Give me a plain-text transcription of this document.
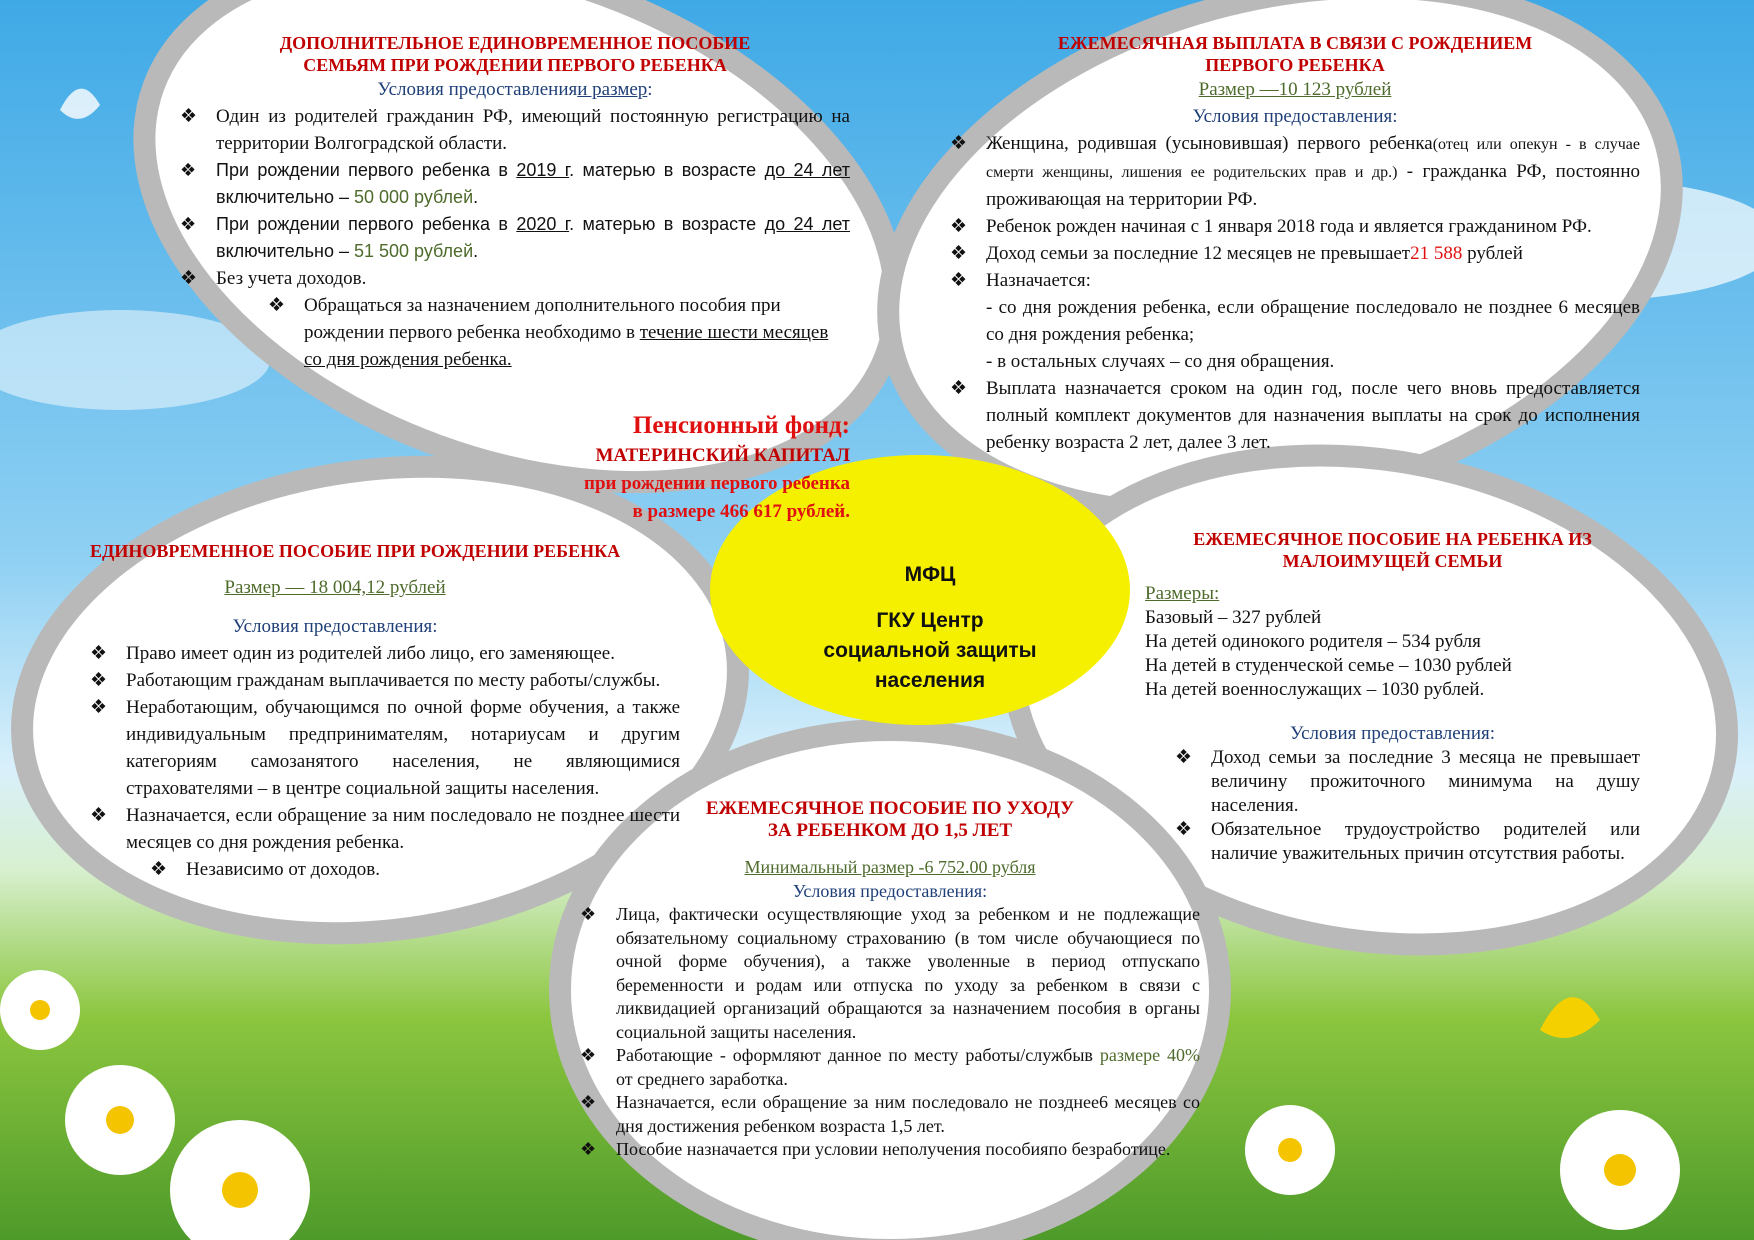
ДОПОЛНИТЕЛЬНОЕ ЕДИНОВРЕМЕННОЕ ПОСОБИЕ
СЕМЬЯМ ПРИ РОЖДЕНИИ ПЕРВОГО РЕБЕНКА

Условия предоставленияи размер:
❖ Один из родителей гражданин РФ, имеющий постоянную регистрацию на территории Волгоградской области.
❖ При рождении первого ребенка в 2019 г. матерью в возрасте до 24 лет включительно – 50 000 рублей.
❖ При рождении первого ребенка в 2020 г. матерью в возрасте до 24 лет включительно – 51 500 рублей.
❖ Без учета доходов.
❖ Обращаться за назначением дополнительного пособия при рождении первого ребенка необходимо в течение шести месяцев со дня рождения ребенка.
Пенсионный фонд:
МАТЕРИНСКИЙ КАПИТАЛ
при рождении первого ребенка
в размере 466 617 рублей.

ЕЖЕМЕСЯЧНАЯ ВЫПЛАТА В СВЯЗИ С РОЖДЕНИЕМ
ПЕРВОГО РЕБЕНКА

Размер —10 123 рублей
Условия предоставления:
❖ Женщина, родившая (усыновившая) первого ребенка(отец или опекун - в случае смерти женщины, лишения ее родительских прав и др.) - гражданка РФ, постоянно проживающая на территории РФ.
❖ Ребенок рожден начиная с 1 января 2018 года и является гражданином РФ.
❖ Доход семьи за последние 12 месяцев не превышает21 588 рублей
❖ Назначается:
- со дня рождения ребенка, если обращение последовало не позднее 6 месяцев со дня рождения ребенка;
- в остальных случаях – со дня обращения.
❖ Выплата назначается сроком на один год, после чего вновь предоставляется полный комплект документов для назначения выплаты на срок до исполнения ребенку возраста 2 лет, далее 3 лет.

ЕДИНОВРЕМЕННОЕ ПОСОБИЕ ПРИ РОЖДЕНИИ РЕБЕНКА

Размер — 18 004,12 рублей
Условия предоставления:
❖ Право имеет один из родителей либо лицо, его заменяющее.
❖ Работающим гражданам выплачивается по месту работы/службы.
❖ Неработающим, обучающимся по очной форме обучения, а также индивидуальным предпринимателям, нотариусам и другим категориям самозанятого населения, не являющимися страхователями – в центре социальной защиты населения.
❖ Назначается, если обращение за ним последовало не позднее шести месяцев со дня рождения ребенка.
❖ Независимо от доходов.
МФЦ
ГКУ Центр
социальной защиты
населения

ЕЖЕМЕСЯЧНОЕ ПОСОБИЕ НА РЕБЕНКА ИЗ
МАЛОИМУЩЕЙ СЕМЬИ

Размеры:
Базовый – 327 рублей
На детей одинокого родителя – 534 рубля
На детей в студенческой семье – 1030 рублей
На детей военнослужащих – 1030 рублей.
Условия предоставления:
❖ Доход семьи за последние 3 месяца не превышает величину прожиточного минимума на душу населения.
❖ Обязательное трудоустройство родителей или наличие уважительных причин отсутствия работы.

ЕЖЕМЕСЯЧНОЕ ПОСОБИЕ ПО УХОДУ
ЗА РЕБЕНКОМ ДО 1,5 ЛЕТ

Минимальный размер -6 752.00 рубля
Условия предоставления:
❖ Лица, фактически осуществляющие уход за ребенком и не подлежащие обязательному социальному страхованию (в том числе обучающиеся по очной форме обучения), а также уволенные в период отпускапо беременности и родам или отпуска по уходу за ребенком в связи с ликвидацией организаций обращаются за назначением пособия в органы социальной защиты населения.
❖ Работающие - оформляют данное по месту работы/службыв размере 40% от среднего заработка.
❖ Назначается, если обращение за ним последовало не позднее6 месяцев со дня достижения ребенком возраста 1,5 лет.
❖ Пособие назначается при условии неполучения пособияпо безработице.
